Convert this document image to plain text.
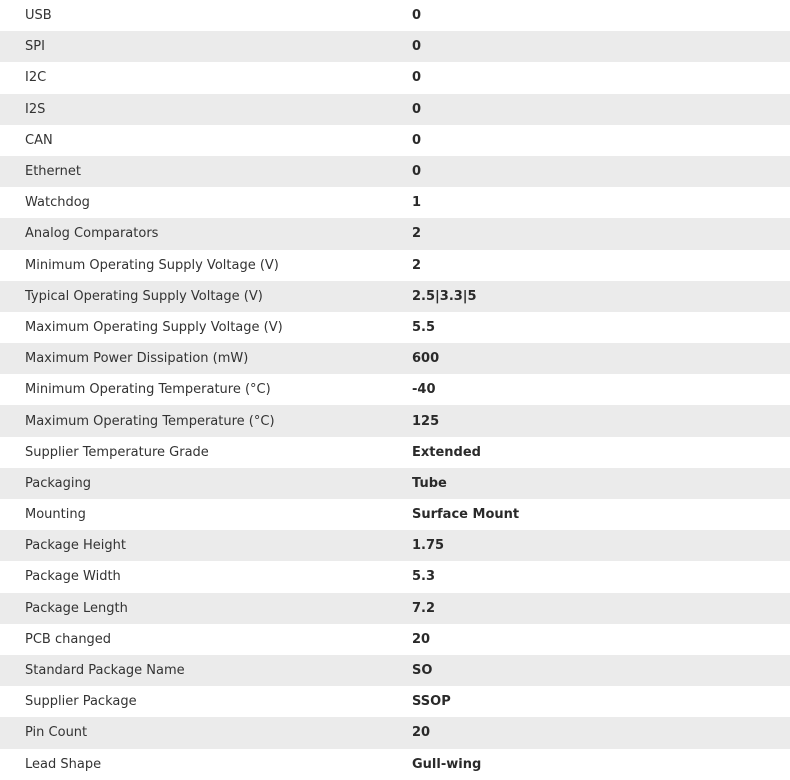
USB	0
SPI	0
I2C	0
I2S	0
CAN	0
Ethernet	0
Watchdog	1
Analog Comparators	2
Minimum Operating Supply Voltage (V)	2
Typical Operating Supply Voltage (V)	2.5|3.3|5
Maximum Operating Supply Voltage (V)	5.5
Maximum Power Dissipation (mW)	600
Minimum Operating Temperature (°C)	-40
Maximum Operating Temperature (°C)	125
Supplier Temperature Grade	Extended
Packaging	Tube
Mounting	Surface Mount
Package Height	1.75
Package Width	5.3
Package Length	7.2
PCB changed	20
Standard Package Name	SO
Supplier Package	SSOP
Pin Count	20
Lead Shape	Gull-wing
